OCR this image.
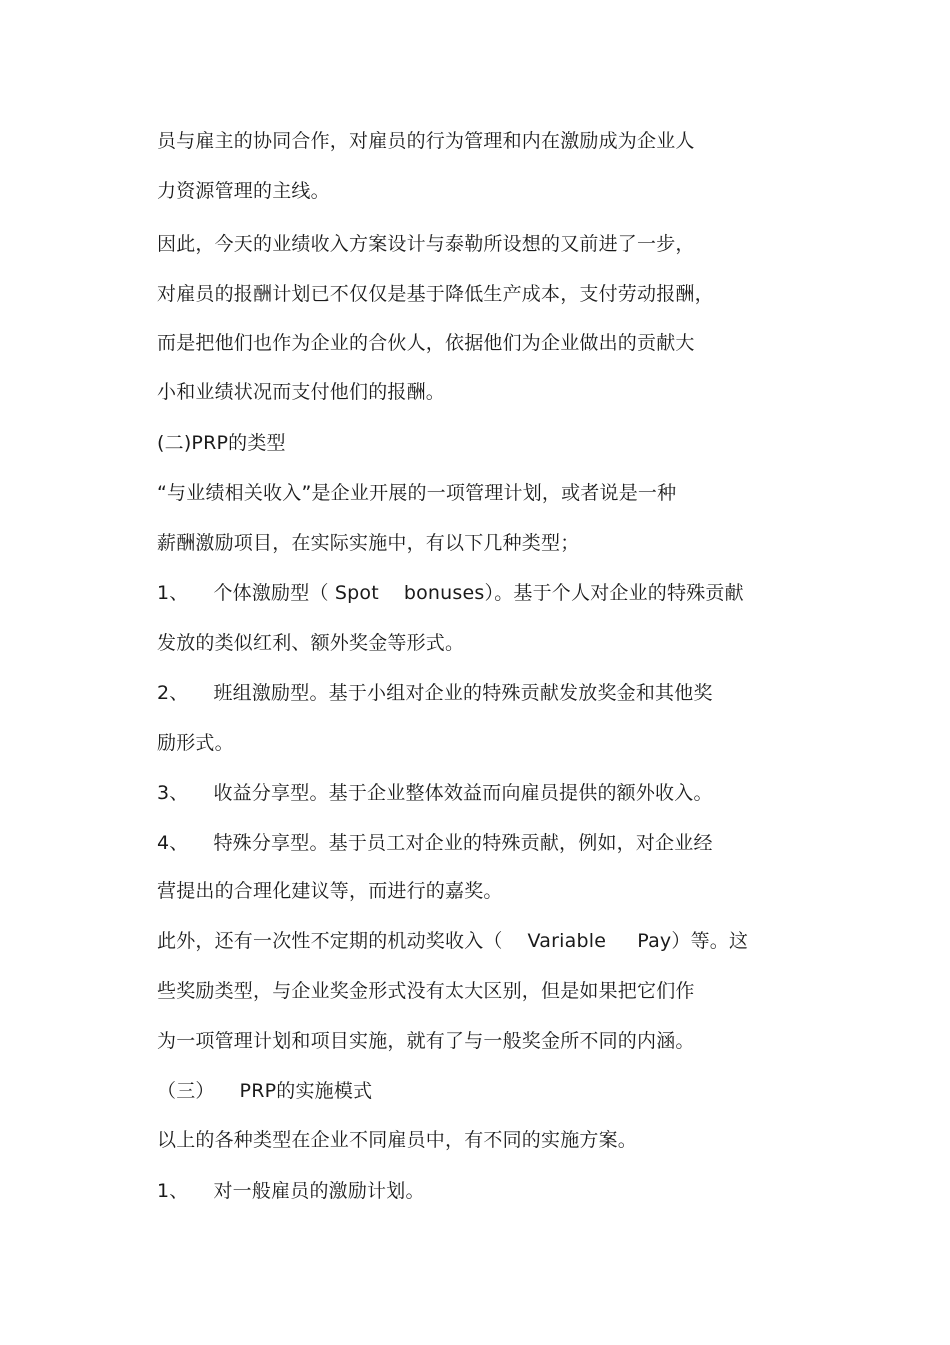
员与雇主的协同合作，对雇员的行为管理和内在激励成为企业人
力资源管理的主线。
因此，今天的业绩收入方案设计与泰勒所设想的又前进了一步，
对雇员的报酬计划已不仅仅是基于降低生产成本，支付劳动报酬，
而是把他们也作为企业的合伙人，依据他们为企业做出的贡献大
小和业绩状况而支付他们的报酬。
(二)PRP的类型
“与业绩相关收入”是企业开展的一项管理计划，或者说是一种
薪酬激励项目，在实际实施中，有以下几种类型；
1、    个体激励型（ Spot    bonuses）。基于个人对企业的特殊贡献
发放的类似红利、额外奖金等形式。
2、    班组激励型。基于小组对企业的特殊贡献发放奖金和其他奖
励形式。
3、    收益分享型。基于企业整体效益而向雇员提供的额外收入。
4、    特殊分享型。基于员工对企业的特殊贡献，例如，对企业经
营提出的合理化建议等，而进行的嘉奖。
此外，还有一次性不定期的机动奖收入（    Variable     Pay）等。这
些奖励类型，与企业奖金形式没有太大区别，但是如果把它们作
为一项管理计划和项目实施，就有了与一般奖金所不同的内涵。
（三）    PRP的实施模式
以上的各种类型在企业不同雇员中，有不同的实施方案。
1、    对一般雇员的激励计划。
